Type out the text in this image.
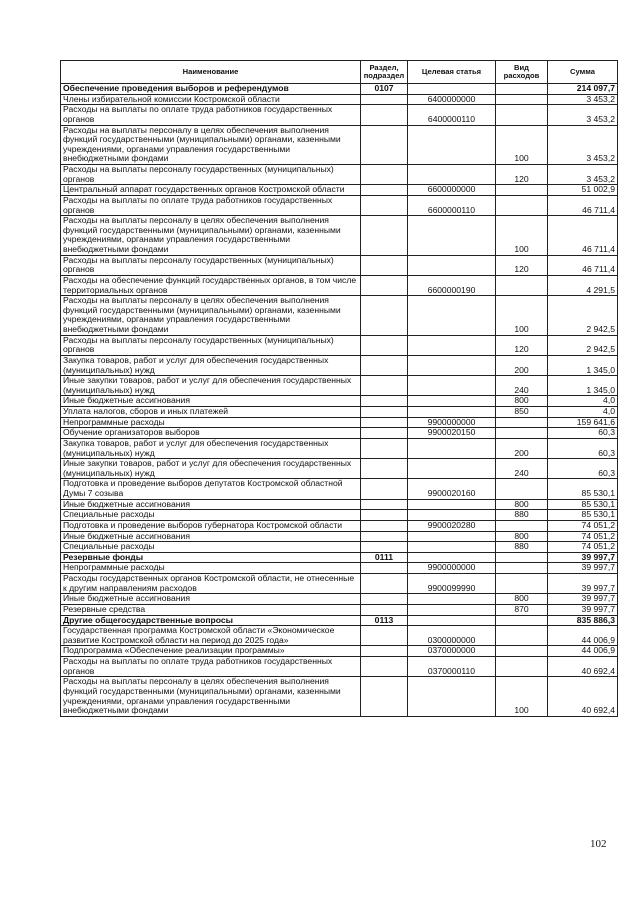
Наименование	Раздел, подраздел	Целевая статья	Вид расходов	Сумма
Обеспечение проведения выборов и референдумов	0107			214 097,7
Члены избирательной комиссии Костромской области		6400000000		3 453,2
Расходы на выплаты по оплате труда работников государственных органов		6400000110		3 453,2
Расходы на выплаты персоналу в целях обеспечения выполнения функций государственными (муниципальными) органами, казенными учреждениями, органами управления государственными внебюджетными фондами			100	3 453,2
Расходы на выплаты персоналу государственных (муниципальных) органов			120	3 453,2
Центральный аппарат государственных органов Костромской области		6600000000		51 002,9
Расходы на выплаты по оплате труда работников государственных органов		6600000110		46 711,4
Расходы на выплаты персоналу в целях обеспечения выполнения функций государственными (муниципальными) органами, казенными учреждениями, органами управления государственными внебюджетными фондами			100	46 711,4
Расходы на выплаты персоналу государственных (муниципальных) органов			120	46 711,4
Расходы на обеспечение функций государственных органов, в том числе территориальных органов		6600000190		4 291,5
Расходы на выплаты персоналу в целях обеспечения выполнения функций государственными (муниципальными) органами, казенными учреждениями, органами управления государственными внебюджетными фондами			100	2 942,5
Расходы на выплаты персоналу государственных (муниципальных) органов			120	2 942,5
Закупка товаров, работ и услуг для обеспечения государственных (муниципальных) нужд			200	1 345,0
Иные закупки товаров, работ и услуг для обеспечения государственных (муниципальных) нужд			240	1 345,0
Иные бюджетные ассигнования			800	4,0
Уплата налогов, сборов и иных платежей			850	4,0
Непрограммные расходы		9900000000		159 641,6
Обучение организаторов выборов		9900020150		60,3
Закупка товаров, работ и услуг для обеспечения государственных (муниципальных) нужд			200	60,3
Иные закупки товаров, работ и услуг для обеспечения государственных (муниципальных) нужд			240	60,3
Подготовка и проведение выборов депутатов Костромской областной Думы 7 созыва		9900020160		85 530,1
Иные бюджетные ассигнования			800	85 530,1
Специальные расходы			880	85 530,1
Подготовка и проведение выборов губернатора Костромской области		9900020280		74 051,2
Иные бюджетные ассигнования			800	74 051,2
Специальные расходы			880	74 051,2
Резервные фонды	0111			39 997,7
Непрограммные расходы		9900000000		39 997,7
Расходы государственных органов Костромской области, не отнесенные к другим направлениям расходов		9900099990		39 997,7
Иные бюджетные ассигнования			800	39 997,7
Резервные средства			870	39 997,7
Другие общегосударственные вопросы	0113			835 886,3
Государственная программа Костромской области «Экономическое развитие Костромской области на период до 2025 года»		0300000000		44 006,9
Подпрограмма «Обеспечение реализации программы»		0370000000		44 006,9
Расходы на выплаты по оплате труда работников государственных органов		0370000110		40 692,4
Расходы на выплаты персоналу в целях обеспечения выполнения функций государственными (муниципальными) органами, казенными учреждениями, органами управления государственными внебюджетными фондами			100	40 692,4
102
